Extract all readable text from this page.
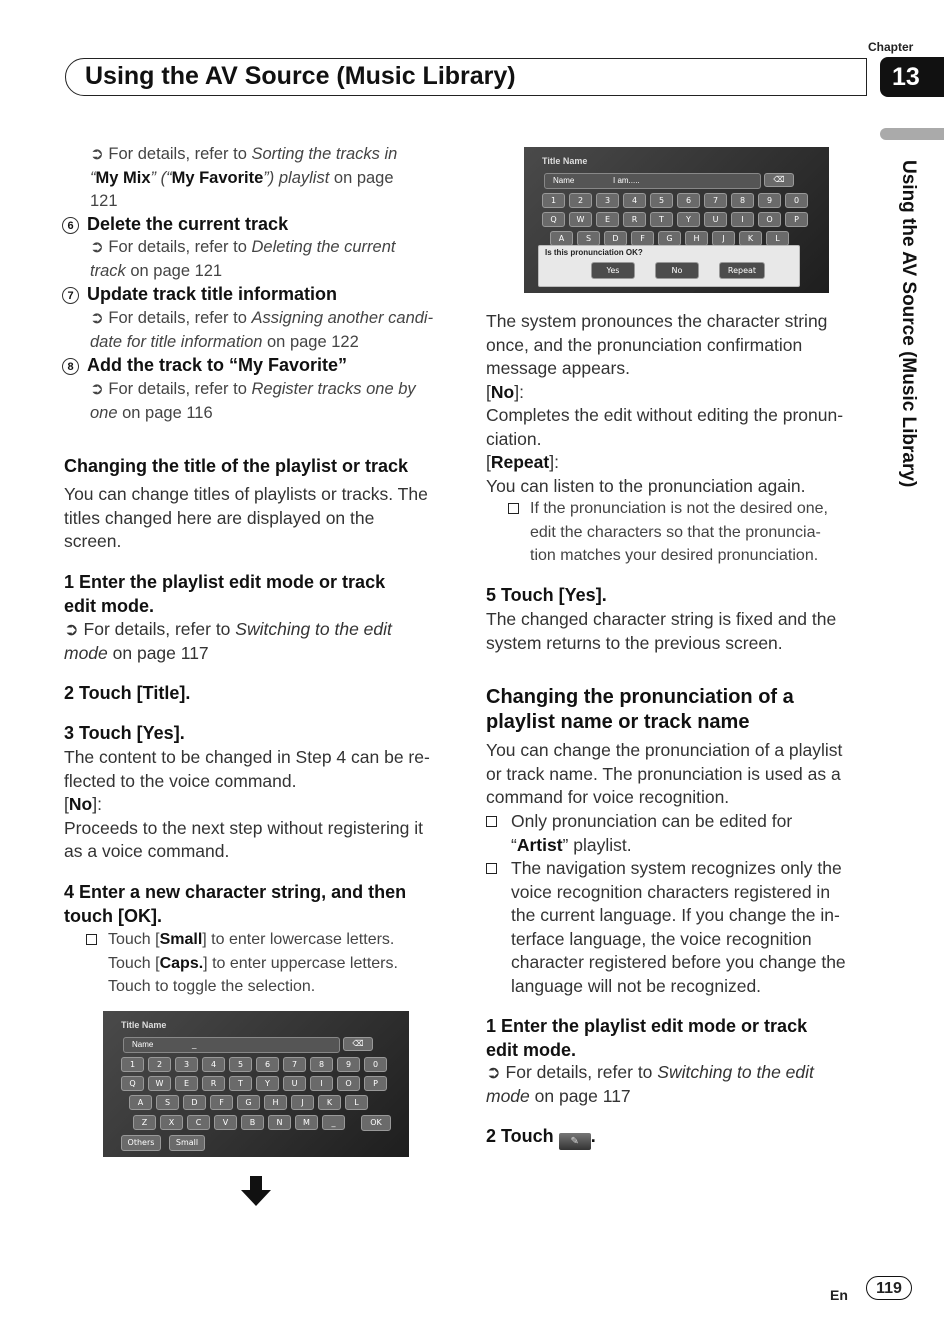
Chapter
Using the AV Source (Music Library)	13
Using the AV Source (Music Library)
➲ For details, refer to Sorting the tracks in
“My Mix” (“My Favorite”) playlist on page
121
6 Delete the current track
➲ For details, refer to Deleting the current
track on page 121
7 Update track title information
➲ For details, refer to Assigning another candi-
date for title information on page 122
8 Add the track to “My Favorite”
➲ For details, refer to Register tracks one by
one on page 116
Changing the title of the playlist or track
You can change titles of playlists or tracks. The
titles changed here are displayed on the
screen.
1 Enter the playlist edit mode or track
edit mode.
➲ For details, refer to Switching to the edit
mode on page 117
2 Touch [Title].
3 Touch [Yes].
The content to be changed in Step 4 can be re-
flected to the voice command.
[No]:
Proceeds to the next step without registering it
as a voice command.
4 Enter a new character string, and then
touch [OK].
Touch [Small] to enter lowercase letters.
Touch [Caps.] to enter uppercase letters.
Touch to toggle the selection.
Title Name
Name	_	⌫
1	2	3	4	5	6	7	8	9	0
Q	W	E	R	T	Y	U	I	O	P
A	S	D	F	G	H	J	K	L
Z	X	C	V	B	N	M	_	OK
Others	Small
Title Name
Name	I am.....	⌫
1	2	3	4	5	6	7	8	9	0
Q	W	E	R	T	Y	U	I	O	P
A	S	D	F	G	H	J	K	L
Is this pronunciation OK?
Yes	No	Repeat
The system pronounces the character string
once, and the pronunciation confirmation
message appears.
[No]:
Completes the edit without editing the pronun-
ciation.
[Repeat]:
You can listen to the pronunciation again.
If the pronunciation is not the desired one,
edit the characters so that the pronuncia-
tion matches your desired pronunciation.
5 Touch [Yes].
The changed character string is fixed and the
system returns to the previous screen.
Changing the pronunciation of a
playlist name or track name
You can change the pronunciation of a playlist
or track name. The pronunciation is used as a
command for voice recognition.
Only pronunciation can be edited for
“Artist” playlist.
The navigation system recognizes only the
voice recognition characters registered in
the current language. If you change the in-
terface language, the voice recognition
character registered before you change the
language will not be recognized.
1 Enter the playlist edit mode or track
edit mode.
➲ For details, refer to Switching to the edit
mode on page 117
2 Touch ✎ .
En	119
